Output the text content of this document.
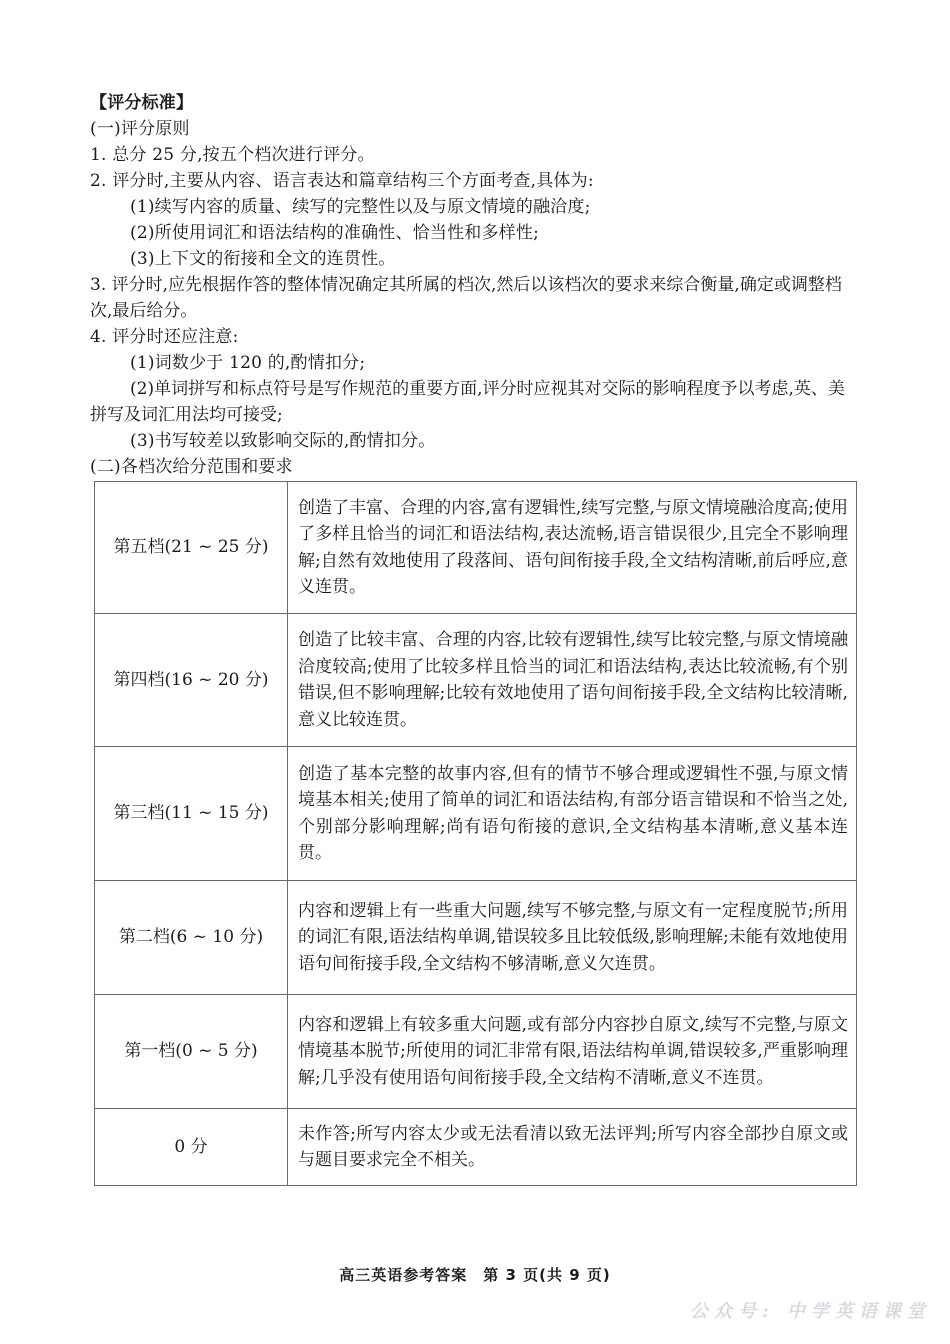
【评分标准】
(一)评分原则
1. 总分 25 分,按五个档次进行评分。
2. 评分时,主要从内容、语言表达和篇章结构三个方面考查,具体为:
(1)续写内容的质量、续写的完整性以及与原文情境的融洽度;
(2)所使用词汇和语法结构的准确性、恰当性和多样性;
(3)上下文的衔接和全文的连贯性。
3. 评分时,应先根据作答的整体情况确定其所属的档次,然后以该档次的要求来综合衡量,确定或调整档次,最后给分。
4. 评分时还应注意:
(1)词数少于 120 的,酌情扣分;
(2)单词拼写和标点符号是写作规范的重要方面,评分时应视其对交际的影响程度予以考虑,英、美拼写及词汇用法均可接受;
(3)书写较差以致影响交际的,酌情扣分。
(二)各档次给分范围和要求
第五档(21 ~ 25 分)	创造了丰富、合理的内容,富有逻辑性,续写完整,与原文情境融洽度高;使用了多样且恰当的词汇和语法结构,表达流畅,语言错误很少,且完全不影响理解;自然有效地使用了段落间、语句间衔接手段,全文结构清晰,前后呼应,意义连贯。
第四档(16 ~ 20 分)	创造了比较丰富、合理的内容,比较有逻辑性,续写比较完整,与原文情境融洽度较高;使用了比较多样且恰当的词汇和语法结构,表达比较流畅,有个别错误,但不影响理解;比较有效地使用了语句间衔接手段,全文结构比较清晰,意义比较连贯。
第三档(11 ~ 15 分)	创造了基本完整的故事内容,但有的情节不够合理或逻辑性不强,与原文情境基本相关;使用了简单的词汇和语法结构,有部分语言错误和不恰当之处,个别部分影响理解;尚有语句衔接的意识,全文结构基本清晰,意义基本连贯。
第二档(6 ~ 10 分)	内容和逻辑上有一些重大问题,续写不够完整,与原文有一定程度脱节;所用的词汇有限,语法结构单调,错误较多且比较低级,影响理解;未能有效地使用语句间衔接手段,全文结构不够清晰,意义欠连贯。
第一档(0 ~ 5 分)	内容和逻辑上有较多重大问题,或有部分内容抄自原文,续写不完整,与原文情境基本脱节;所使用的词汇非常有限,语法结构单调,错误较多,严重影响理解;几乎没有使用语句间衔接手段,全文结构不清晰,意义不连贯。
0 分	未作答;所写内容太少或无法看清以致无法评判;所写内容全部抄自原文或与题目要求完全不相关。
高三英语参考答案　第 3 页(共 9 页)
公众号: 中学英语课堂
